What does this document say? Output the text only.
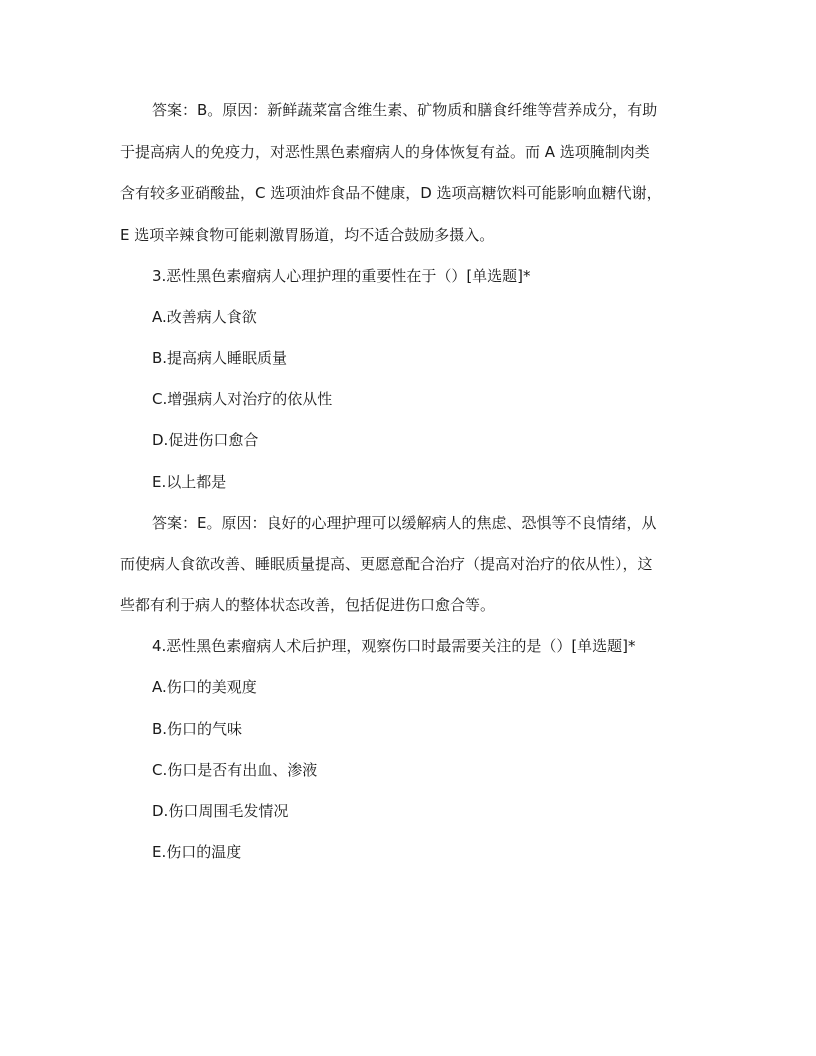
答案：B。原因：新鲜蔬菜富含维生素、矿物质和膳食纤维等营养成分，有助
于提高病人的免疫力，对恶性黑色素瘤病人的身体恢复有益。而 A 选项腌制肉类
含有较多亚硝酸盐，C 选项油炸食品不健康，D 选项高糖饮料可能影响血糖代谢，
E 选项辛辣食物可能刺激胃肠道，均不适合鼓励多摄入。
3.恶性黑色素瘤病人心理护理的重要性在于（）[单选题]*
A.改善病人食欲
B.提高病人睡眠质量
C.增强病人对治疗的依从性
D.促进伤口愈合
E.以上都是
答案：E。原因：良好的心理护理可以缓解病人的焦虑、恐惧等不良情绪，从
而使病人食欲改善、睡眠质量提高、更愿意配合治疗（提高对治疗的依从性），这
些都有利于病人的整体状态改善，包括促进伤口愈合等。
4.恶性黑色素瘤病人术后护理，观察伤口时最需要关注的是（）[单选题]*
A.伤口的美观度
B.伤口的气味
C.伤口是否有出血、渗液
D.伤口周围毛发情况
E.伤口的温度
